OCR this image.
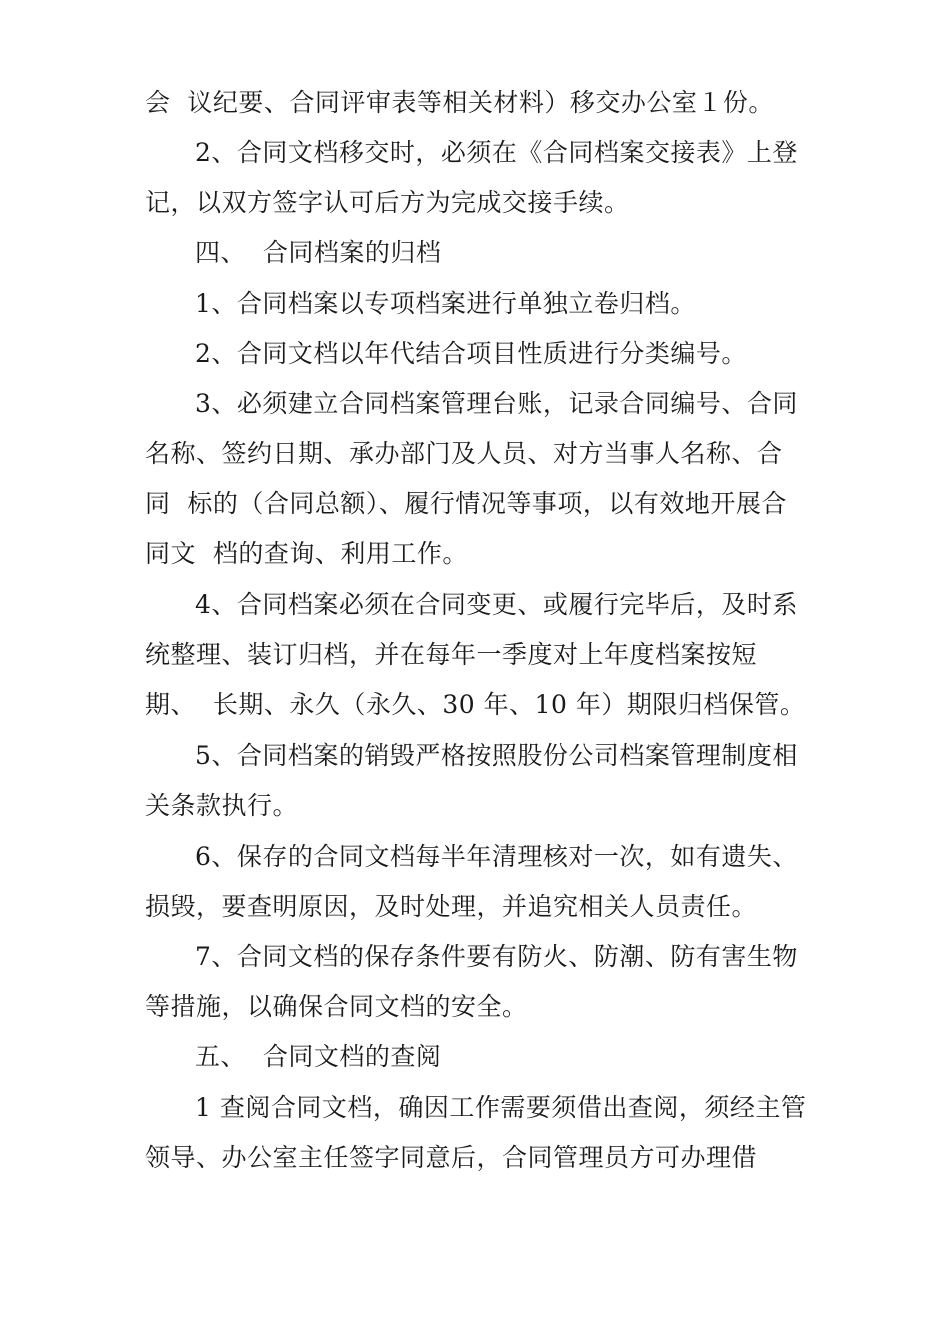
会  议纪要、合同评审表等相关材料）移交办公室１份。
2、合同文档移交时，必须在《合同档案交接表》上登
记，以双方签字认可后方为完成交接手续。
四、  合同档案的归档
1、合同档案以专项档案进行单独立卷归档。
2、合同文档以年代结合项目性质进行分类编号。
3、必须建立合同档案管理台账，记录合同编号、合同
名称、签约日期、承办部门及人员、对方当事人名称、合
同  标的（合同总额）、履行情况等事项，以有效地开展合
同文  档的查询、利用工作。
4、合同档案必须在合同变更、或履行完毕后，及时系
统整理、装订归档，并在每年一季度对上年度档案按短
期、  长期、永久（永久、30 年、10 年）期限归档保管。
5、合同档案的销毁严格按照股份公司档案管理制度相
关条款执行。
6、保存的合同文档每半年清理核对一次，如有遗失、
损毁，要查明原因，及时处理，并追究相关人员责任。
7、合同文档的保存条件要有防火、防潮、防有害生物
等措施，以确保合同文档的安全。
五、  合同文档的查阅
1 查阅合同文档，确因工作需要须借出查阅，须经主管
领导、办公室主任签字同意后，合同管理员方可办理借
